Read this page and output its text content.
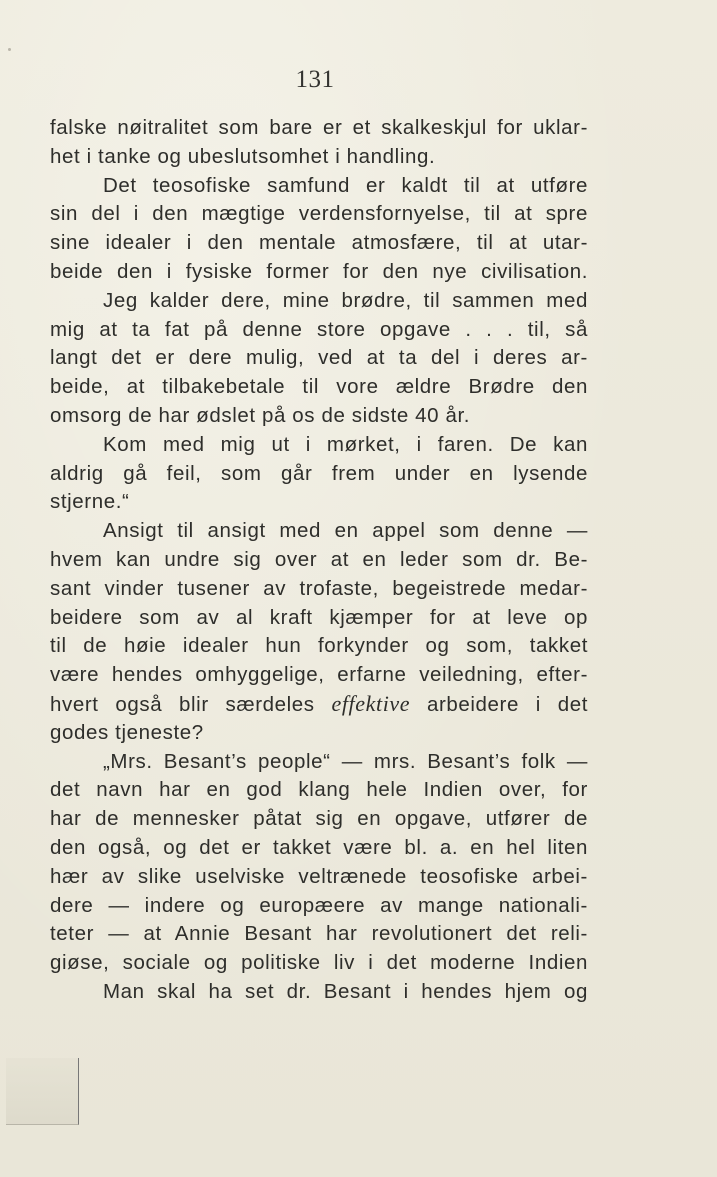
131
falske nøitralitet som bare er et skalkeskjul for uklar-
het i tanke og ubeslutsomhet i handling.
Det teosofiske samfund er kaldt til at utføre
sin del i den mægtige verdensfornyelse, til at spre
sine idealer i den mentale atmosfære, til at utar-
beide den i fysiske former for den nye civilisation.
Jeg kalder dere, mine brødre, til sammen med
mig at ta fat på denne store opgave . . . til, så
langt det er dere mulig, ved at ta del i deres ar-
beide, at tilbakebetale til vore ældre Brødre den
omsorg de har ødslet på os de sidste 40 år.
Kom med mig ut i mørket, i faren. De kan
aldrig gå feil, som går frem under en lysende
stjerne.“
Ansigt til ansigt med en appel som denne —
hvem kan undre sig over at en leder som dr. Be-
sant vinder tusener av trofaste, begeistrede medar-
beidere som av al kraft kjæmper for at leve op
til de høie idealer hun forkynder og som, takket
være hendes omhyggelige, erfarne veiledning, efter-
hvert også blir særdeles effektive arbeidere i det
godes tjeneste?
„Mrs. Besant’s people“ — mrs. Besant’s folk —
det navn har en god klang hele Indien over, for
har de mennesker påtat sig en opgave, utfører de
den også, og det er takket være bl. a. en hel liten
hær av slike uselviske veltrænede teosofiske arbei-
dere — indere og europæere av mange nationali-
teter — at Annie Besant har revolutionert det reli-
giøse, sociale og politiske liv i det moderne Indien
Man skal ha set dr. Besant i hendes hjem og
